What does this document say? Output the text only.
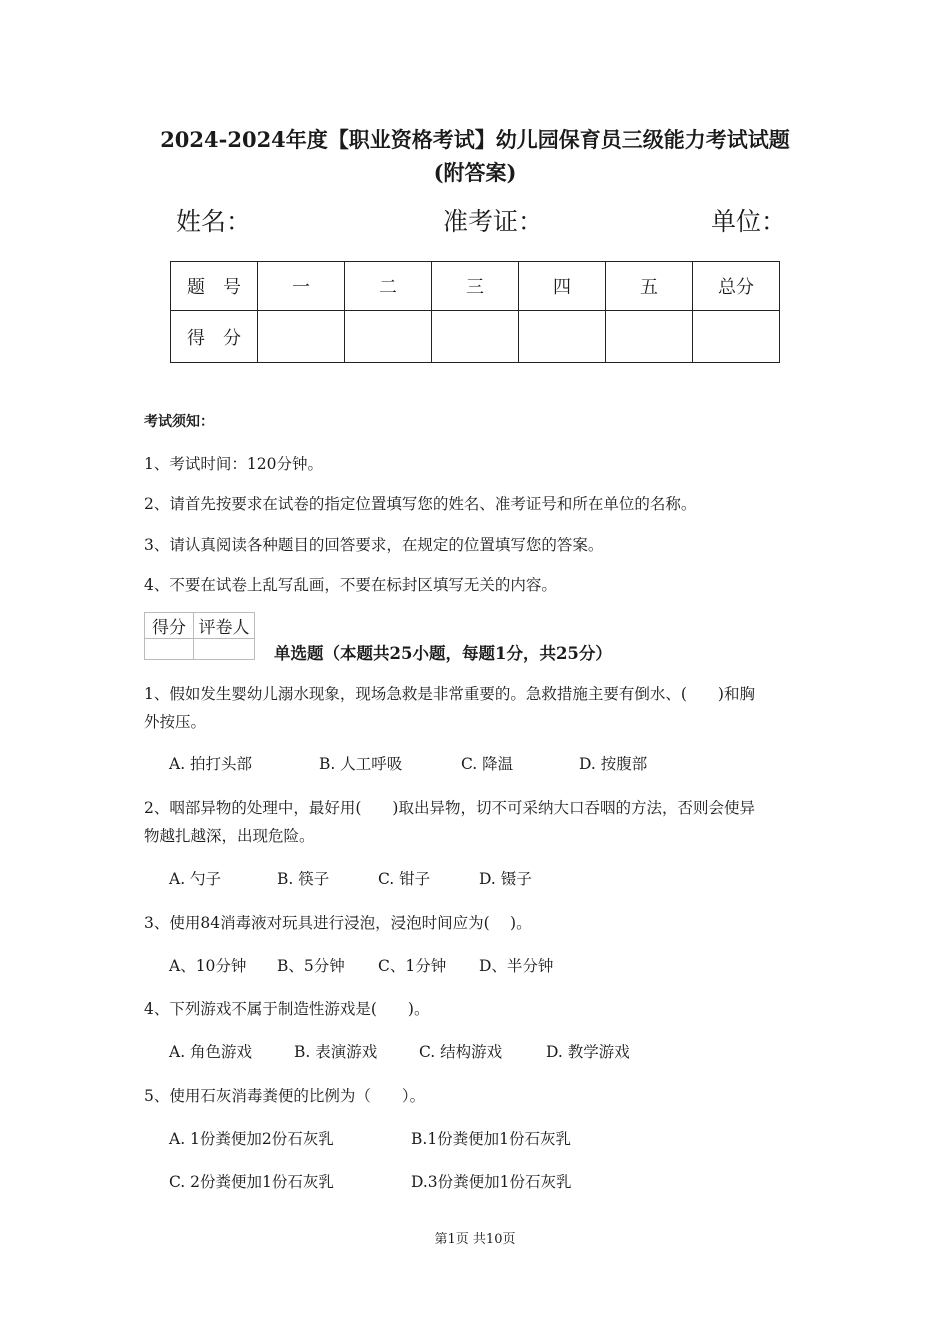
2024-2024年度【职业资格考试】幼儿园保育员三级能力考试试题
(附答案)
姓名：	准考证：	单位：
题　号	一	二	三	四	五	总分
得　分						
考试须知：
1、考试时间：120分钟。
2、请首先按要求在试卷的指定位置填写您的姓名、准考证号和所在单位的名称。
3、请认真阅读各种题目的回答要求，在规定的位置填写您的答案。
4、不要在试卷上乱写乱画，不要在标封区填写无关的内容。
得分	评卷人

单选题（本题共25小题，每题1分，共25分）
1、假如发生婴幼儿溺水现象，现场急救是非常重要的。急救措施主要有倒水、(　　)和胸
外按压。
A. 拍打头部	B. 人工呼吸	C. 降温	D. 按腹部
2、咽部异物的处理中，最好用(　　)取出异物，切不可采纳大口吞咽的方法，否则会使异
物越扎越深，出现危险。
A. 勺子	B. 筷子	C. 钳子	D. 镊子
3、使用84消毒液对玩具进行浸泡，浸泡时间应为(　 )。
A、10分钟 B、5分钟 C、1分钟 D、半分钟
4、下列游戏不属于制造性游戏是(　　)。
A. 角色游戏	B. 表演游戏	C. 结构游戏	D. 教学游戏
5、使用石灰消毒粪便的比例为（　　）。
A. 1份粪便加2份石灰乳	B.1份粪便加1份石灰乳
C. 2份粪便加1份石灰乳	D.3份粪便加1份石灰乳
第1页 共10页
